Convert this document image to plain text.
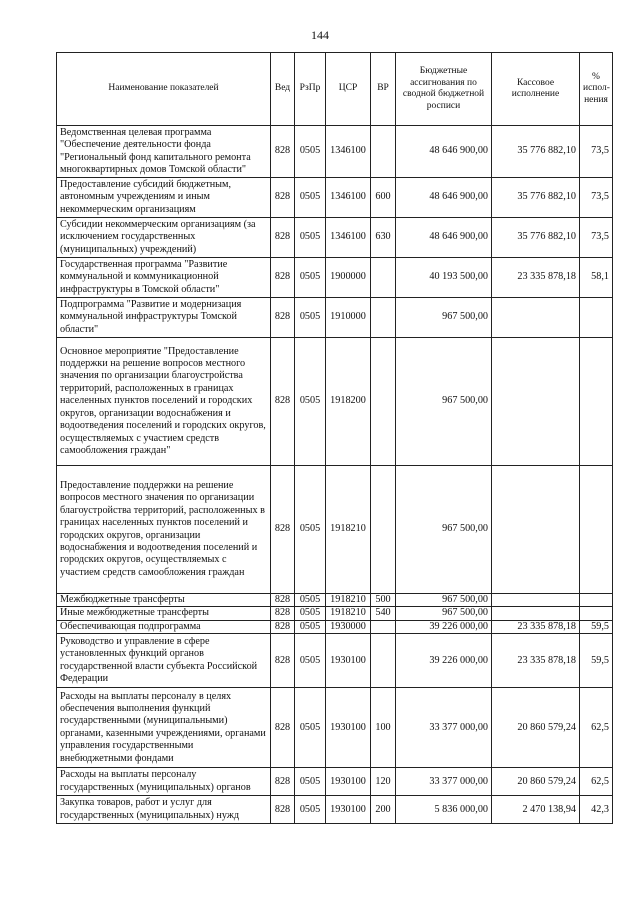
144
Наименование показателей	Вед	РзПр	ЦСР	ВР	Бюджетные ассигнования по сводной бюджетной росписи	Кассовое исполнение	% испол-нения
Ведомственная целевая программа "Обеспечение деятельности фонда "Региональный фонд капитального ремонта многоквартирных домов Томской области"	828	0505	1346100		48 646 900,00	35 776 882,10	73,5
Предоставление субсидий бюджетным, автономным учреждениям и иным некоммерческим организациям	828	0505	1346100	600	48 646 900,00	35 776 882,10	73,5
Субсидии некоммерческим организациям (за исключением государственных (муниципальных) учреждений)	828	0505	1346100	630	48 646 900,00	35 776 882,10	73,5
Государственная программа "Развитие коммунальной и коммуникационной инфраструктуры в Томской области"	828	0505	1900000		40 193 500,00	23 335 878,18	58,1
Подпрограмма "Развитие и модернизация коммунальной инфраструктуры Томской области"	828	0505	1910000		967 500,00		
Основное мероприятие "Предоставление поддержки на решение вопросов местного значения по организации благоустройства территорий, расположенных в границах населенных пунктов поселений и городских округов, организации водоснабжения и водоотведения поселений и городских округов, осуществляемых с участием средств самообложения граждан"	828	0505	1918200		967 500,00		
Предоставление поддержки на решение вопросов местного значения по организации благоустройства территорий, расположенных в границах населенных пунктов поселений и городских округов, организации водоснабжения и водоотведения поселений и городских округов, осуществляемых с участием средств самообложения граждан	828	0505	1918210		967 500,00		
Межбюджетные трансферты	828	0505	1918210	500	967 500,00		
Иные межбюджетные трансферты	828	0505	1918210	540	967 500,00		
Обеспечивающая подпрограмма	828	0505	1930000		39 226 000,00	23 335 878,18	59,5
Руководство и управление в сфере установленных функций органов государственной власти субъекта Российской Федерации	828	0505	1930100		39 226 000,00	23 335 878,18	59,5
Расходы на выплаты персоналу в целях обеспечения выполнения функций государственными (муниципальными) органами, казенными учреждениями, органами управления государственными внебюджетными фондами	828	0505	1930100	100	33 377 000,00	20 860 579,24	62,5
Расходы на выплаты персоналу государственных (муниципальных) органов	828	0505	1930100	120	33 377 000,00	20 860 579,24	62,5
Закупка товаров, работ и услуг для государственных (муниципальных) нужд	828	0505	1930100	200	5 836 000,00	2 470 138,94	42,3
